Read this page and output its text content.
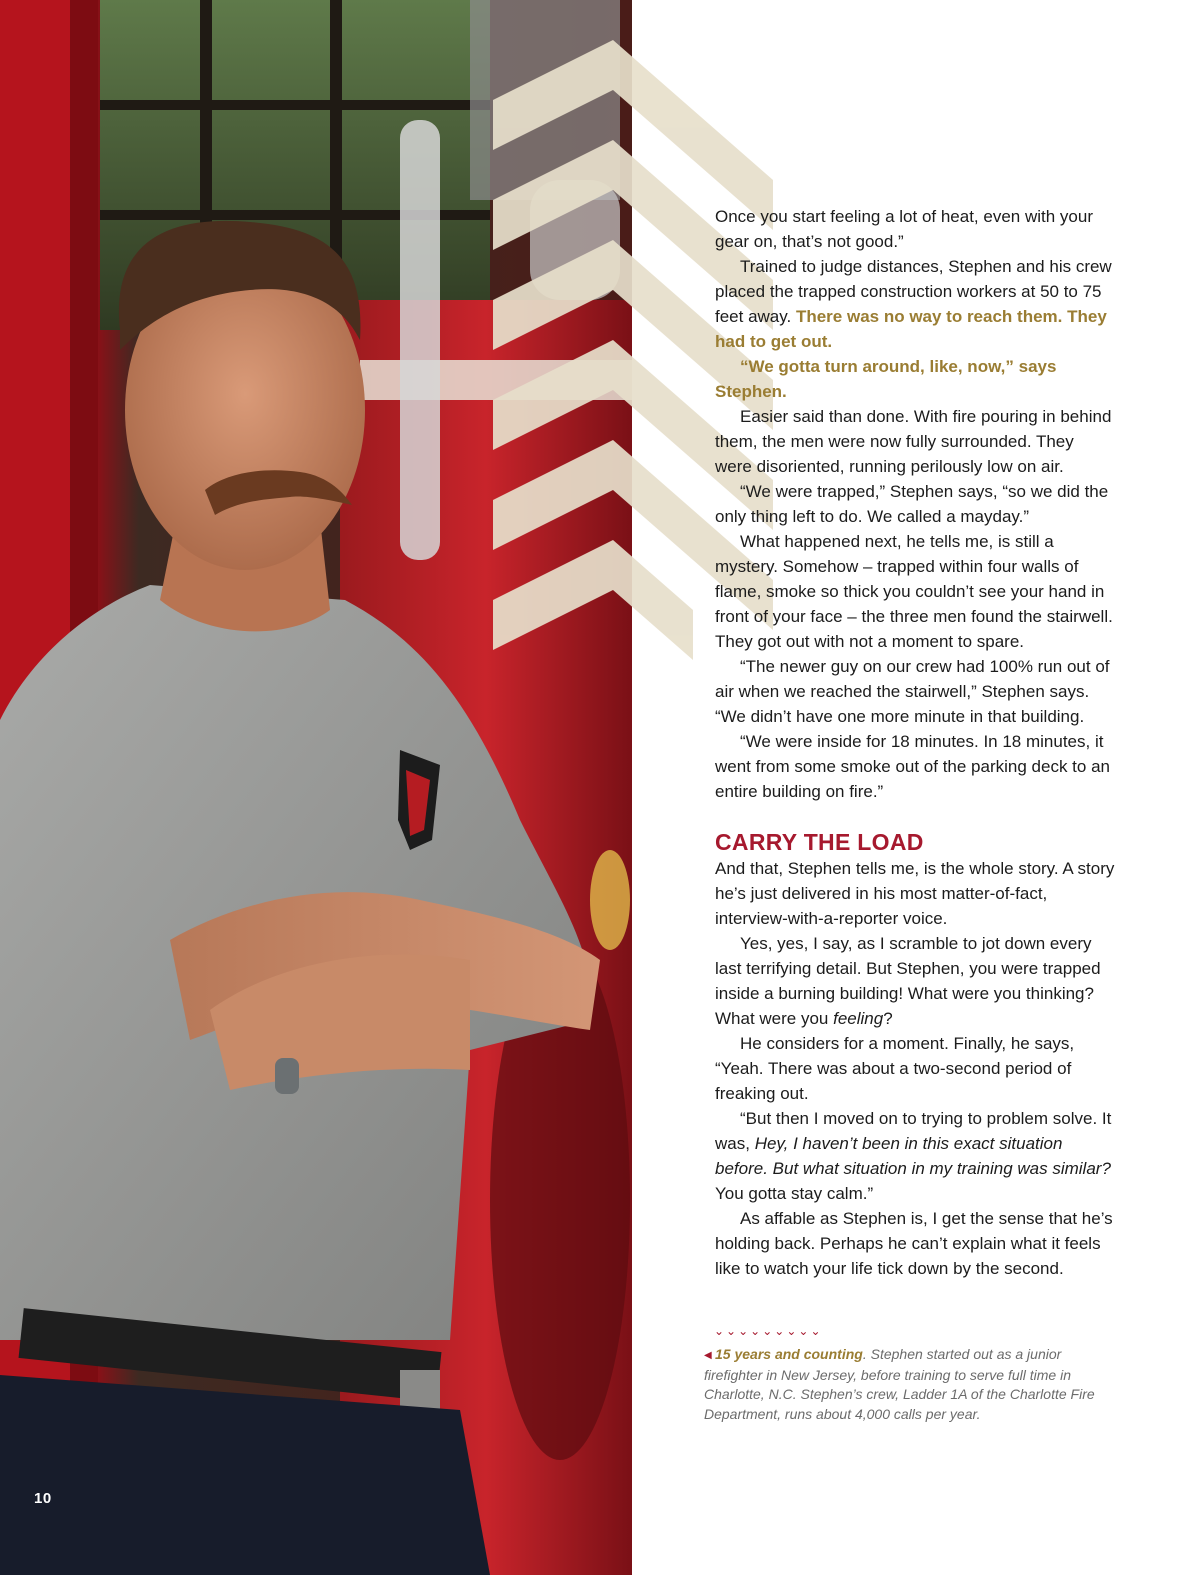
10

Once you start feeling a lot of heat, even with your gear on, that’s not good.”

Trained to judge distances, Stephen and his crew placed the trapped construction workers at 50 to 75 feet away. There was no way to reach them. They had to get out.

“We gotta turn around, like, now,” says Stephen.

Easier said than done. With fire pouring in behind them, the men were now fully surrounded. They were disoriented, running perilously low on air.

“We were trapped,” Stephen says, “so we did the only thing left to do. We called a mayday.”

What happened next, he tells me, is still a mystery. Somehow – trapped within four walls of flame, smoke so thick you couldn’t see your hand in front of your face – the three men found the stairwell. They got out with not a moment to spare.

“The newer guy on our crew had 100% run out of air when we reached the stairwell,” Stephen says. “We didn’t have one more minute in that building.

“We were inside for 18 minutes. In 18 minutes, it went from some smoke out of the parking deck to an entire building on fire.”

CARRY THE LOAD

And that, Stephen tells me, is the whole story. A story he’s just delivered in his most matter-of-fact, interview-with-a-reporter voice.

Yes, yes, I say, as I scramble to jot down every last terrifying detail. But Stephen, you were trapped inside a burning building! What were you thinking? What were you feeling?

He considers for a moment. Finally, he says, “Yeah. There was about a two-second period of freaking out.

“But then I moved on to trying to problem solve. It was, Hey, I haven’t been in this exact situation before. But what situation in my training was similar? You gotta stay calm.”

As affable as Stephen is, I get the sense that he’s holding back. Perhaps he can’t explain what it feels like to watch your life tick down by the second.

⌄⌄⌄⌄⌄⌄⌄⌄⌄
◀ 15 years and counting. Stephen started out as a junior firefighter in New Jersey, before training to serve full time in Charlotte, N.C. Stephen’s crew, Ladder 1A of the Charlotte Fire Department, runs about 4,000 calls per year.
